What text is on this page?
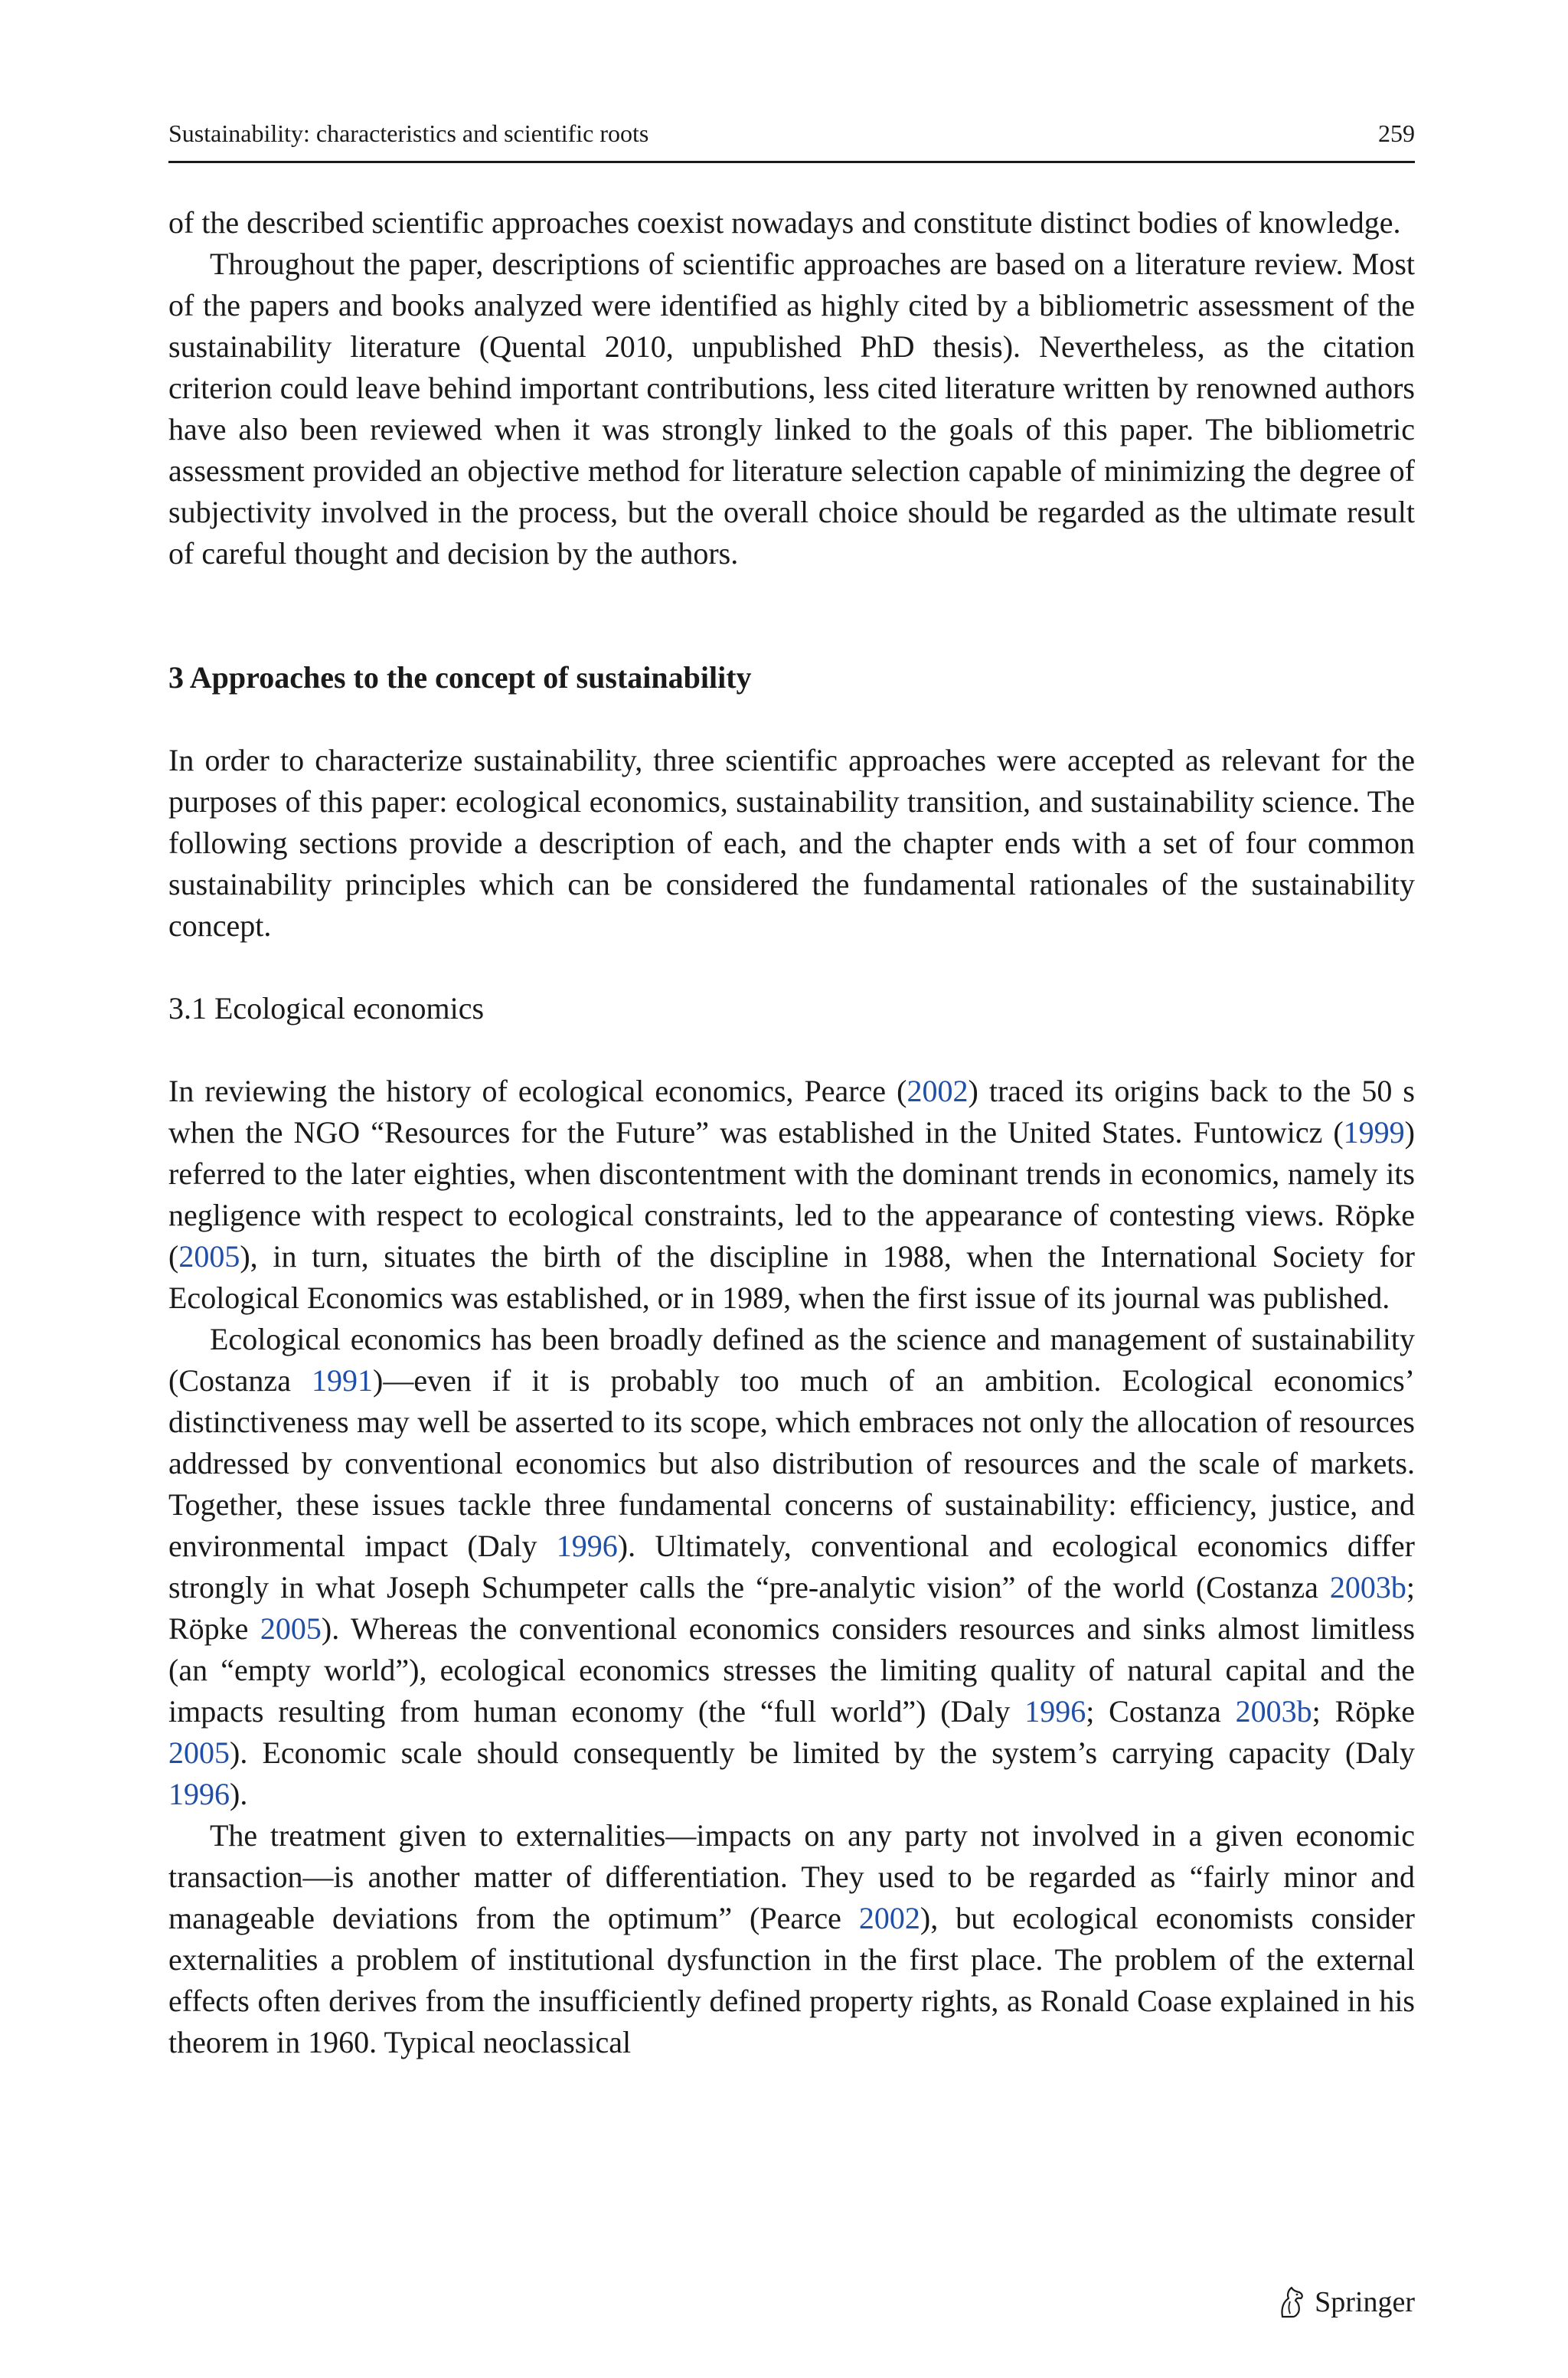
Sustainability: characteristics and scientific roots	259

of the described scientific approaches coexist nowadays and constitute distinct bodies of knowledge.

Throughout the paper, descriptions of scientific approaches are based on a literature review. Most of the papers and books analyzed were identified as highly cited by a bibliometric assessment of the sustainability literature (Quental 2010, unpublished PhD thesis). Nevertheless, as the citation criterion could leave behind important contributions, less cited literature written by renowned authors have also been reviewed when it was strongly linked to the goals of this paper. The bibliometric assessment provided an objective method for literature selection capable of minimizing the degree of subjectivity involved in the process, but the overall choice should be regarded as the ultimate result of careful thought and decision by the authors.

3 Approaches to the concept of sustainability

In order to characterize sustainability, three scientific approaches were accepted as relevant for the purposes of this paper: ecological economics, sustainability transition, and sustainability science. The following sections provide a description of each, and the chapter ends with a set of four common sustainability principles which can be considered the fundamental rationales of the sustainability concept.

3.1 Ecological economics

In reviewing the history of ecological economics, Pearce (2002) traced its origins back to the 50 s when the NGO “Resources for the Future” was established in the United States. Funtowicz (1999) referred to the later eighties, when discontentment with the dominant trends in economics, namely its negligence with respect to ecological constraints, led to the appearance of contesting views. Röpke (2005), in turn, situates the birth of the discipline in 1988, when the International Society for Ecological Economics was established, or in 1989, when the first issue of its journal was published.

Ecological economics has been broadly defined as the science and management of sustainability (Costanza 1991)—even if it is probably too much of an ambition. Ecological economics’ distinctiveness may well be asserted to its scope, which embraces not only the allocation of resources addressed by conventional economics but also distribution of resources and the scale of markets. Together, these issues tackle three fundamental concerns of sustainability: efficiency, justice, and environmental impact (Daly 1996). Ultimately, conventional and ecological economics differ strongly in what Joseph Schumpeter calls the “pre-analytic vision” of the world (Costanza 2003b; Röpke 2005). Whereas the conventional economics considers resources and sinks almost limitless (an “empty world”), ecological economics stresses the limiting quality of natural capital and the impacts resulting from human economy (the “full world”) (Daly 1996; Costanza 2003b; Röpke 2005). Economic scale should consequently be limited by the system’s carrying capacity (Daly 1996).

The treatment given to externalities—impacts on any party not involved in a given economic transaction—is another matter of differentiation. They used to be regarded as “fairly minor and manageable deviations from the optimum” (Pearce 2002), but ecological economists consider externalities a problem of institutional dysfunction in the first place. The problem of the external effects often derives from the insufficiently defined property rights, as Ronald Coase explained in his theorem in 1960. Typical neoclassical

Springer
